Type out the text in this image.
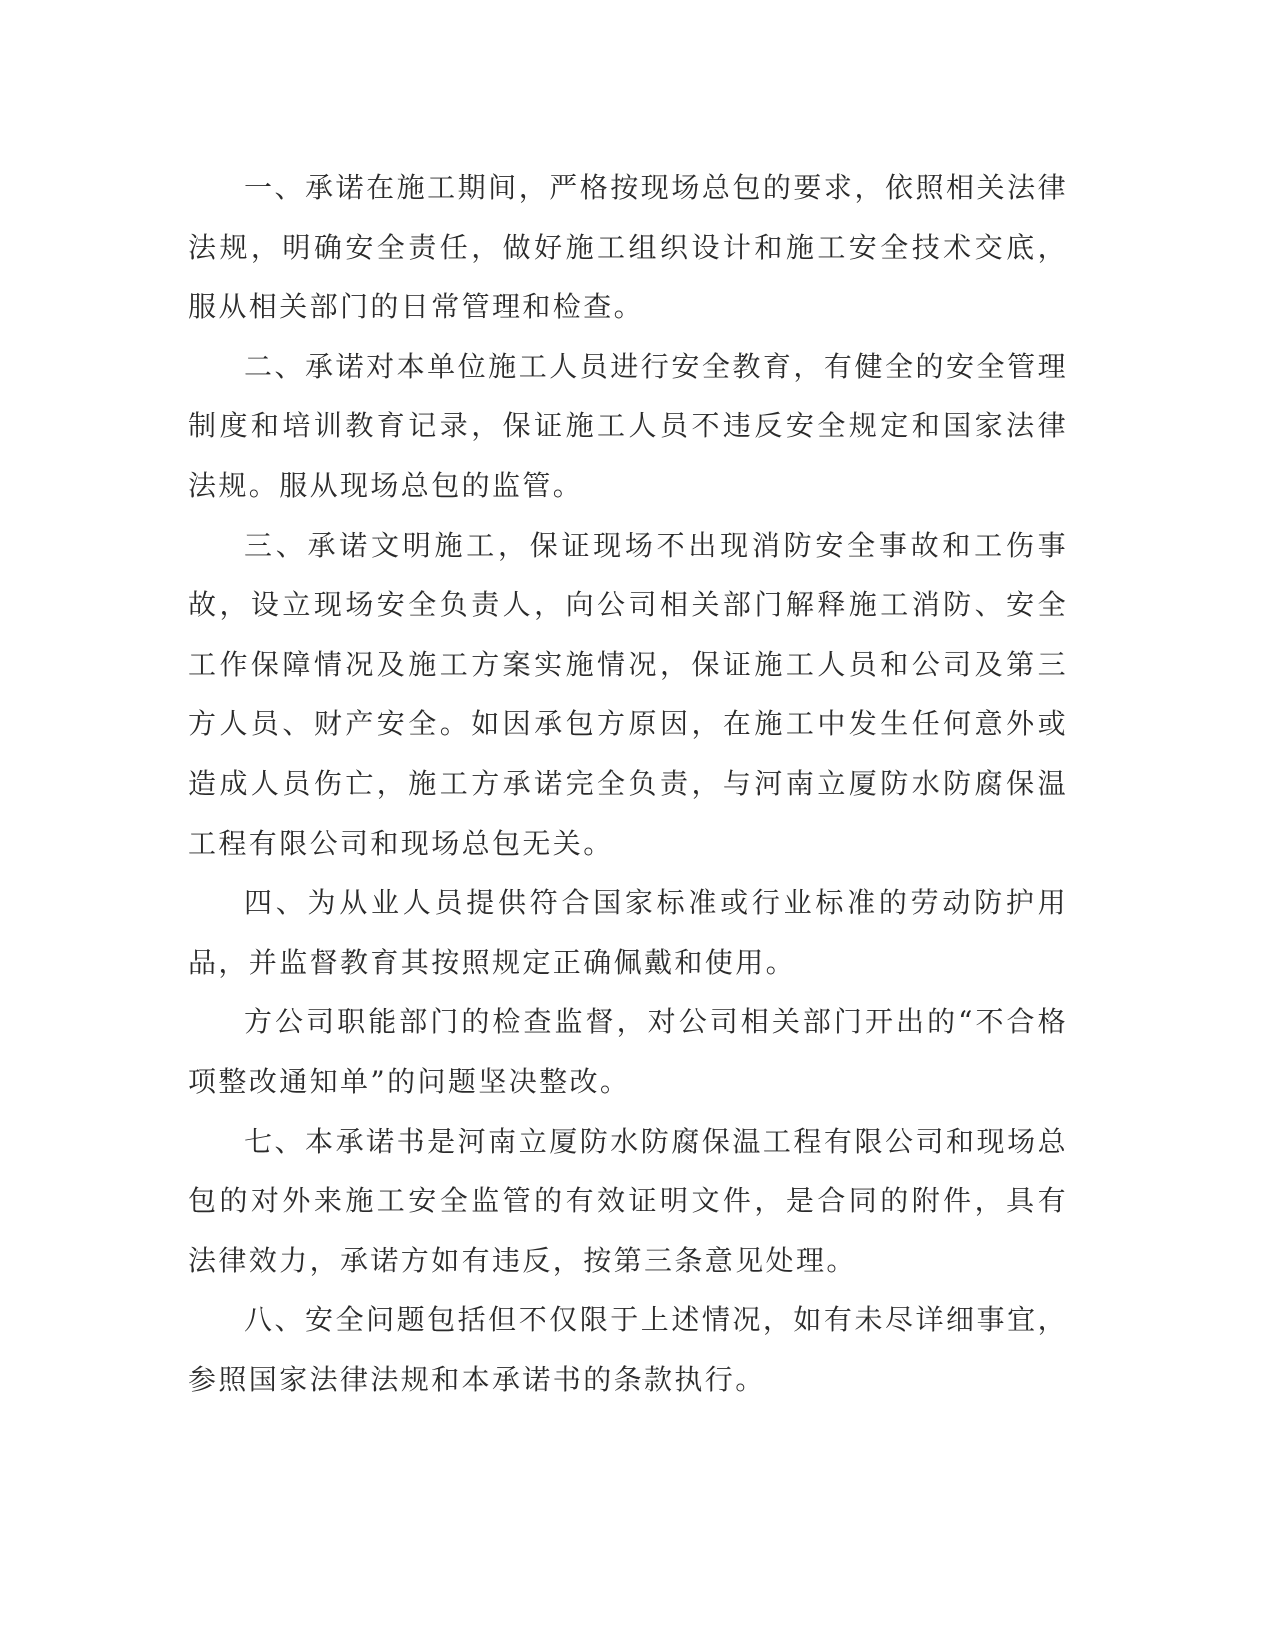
一、承诺在施工期间，严格按现场总包的要求，依照相关法律法规，明确安全责任，做好施工组织设计和施工安全技术交底，服从相关部门的日常管理和检查。

二、承诺对本单位施工人员进行安全教育，有健全的安全管理制度和培训教育记录，保证施工人员不违反安全规定和国家法律法规。服从现场总包的监管。

三、承诺文明施工，保证现场不出现消防安全事故和工伤事故，设立现场安全负责人，向公司相关部门解释施工消防、安全工作保障情况及施工方案实施情况，保证施工人员和公司及第三方人员、财产安全。如因承包方原因，在施工中发生任何意外或造成人员伤亡，施工方承诺完全负责，与河南立厦防水防腐保温工程有限公司和现场总包无关。

四、为从业人员提供符合国家标准或行业标准的劳动防护用品，并监督教育其按照规定正确佩戴和使用。

方公司职能部门的检查监督，对公司相关部门开出的“不合格项整改通知单”的问题坚决整改。

七、本承诺书是河南立厦防水防腐保温工程有限公司和现场总包的对外来施工安全监管的有效证明文件，是合同的附件，具有法律效力，承诺方如有违反，按第三条意见处理。

八、安全问题包括但不仅限于上述情况，如有未尽详细事宜，参照国家法律法规和本承诺书的条款执行。
